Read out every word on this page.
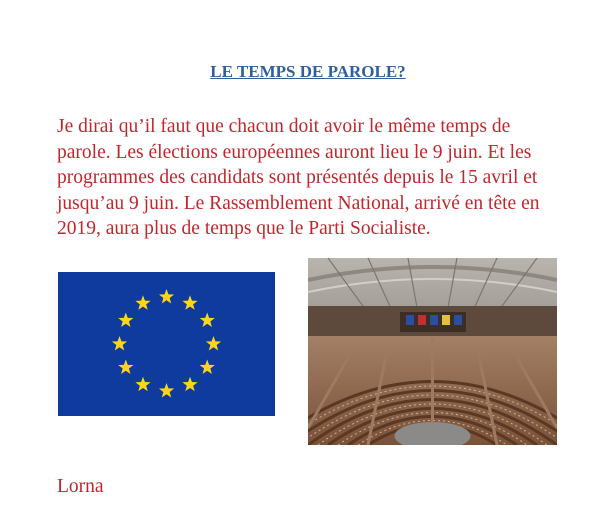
LE TEMPS DE PAROLE?

Je dirai qu’il faut que chacun doit avoir le même temps de parole. Les élections européennes auront lieu le 9 juin. Et les programmes des candidats sont présentés depuis le 15 avril et jusqu’au 9 juin. Le Rassemblement National, arrivé en tête en 2019, aura plus de temps que le Parti Socialiste.

Lorna
